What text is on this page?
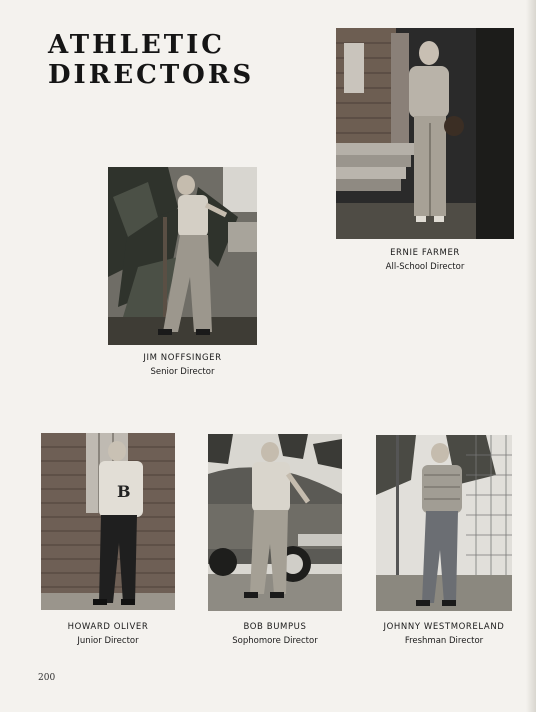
ATHLETIC
DIRECTORS
ERNIE FARMER
All-School Director
JIM NOFFSINGER
Senior Director
B
HOWARD OLIVER
Junior Director
BOB BUMPUS
Sophomore Director
JOHNNY WESTMORELAND
Freshman Director
200
